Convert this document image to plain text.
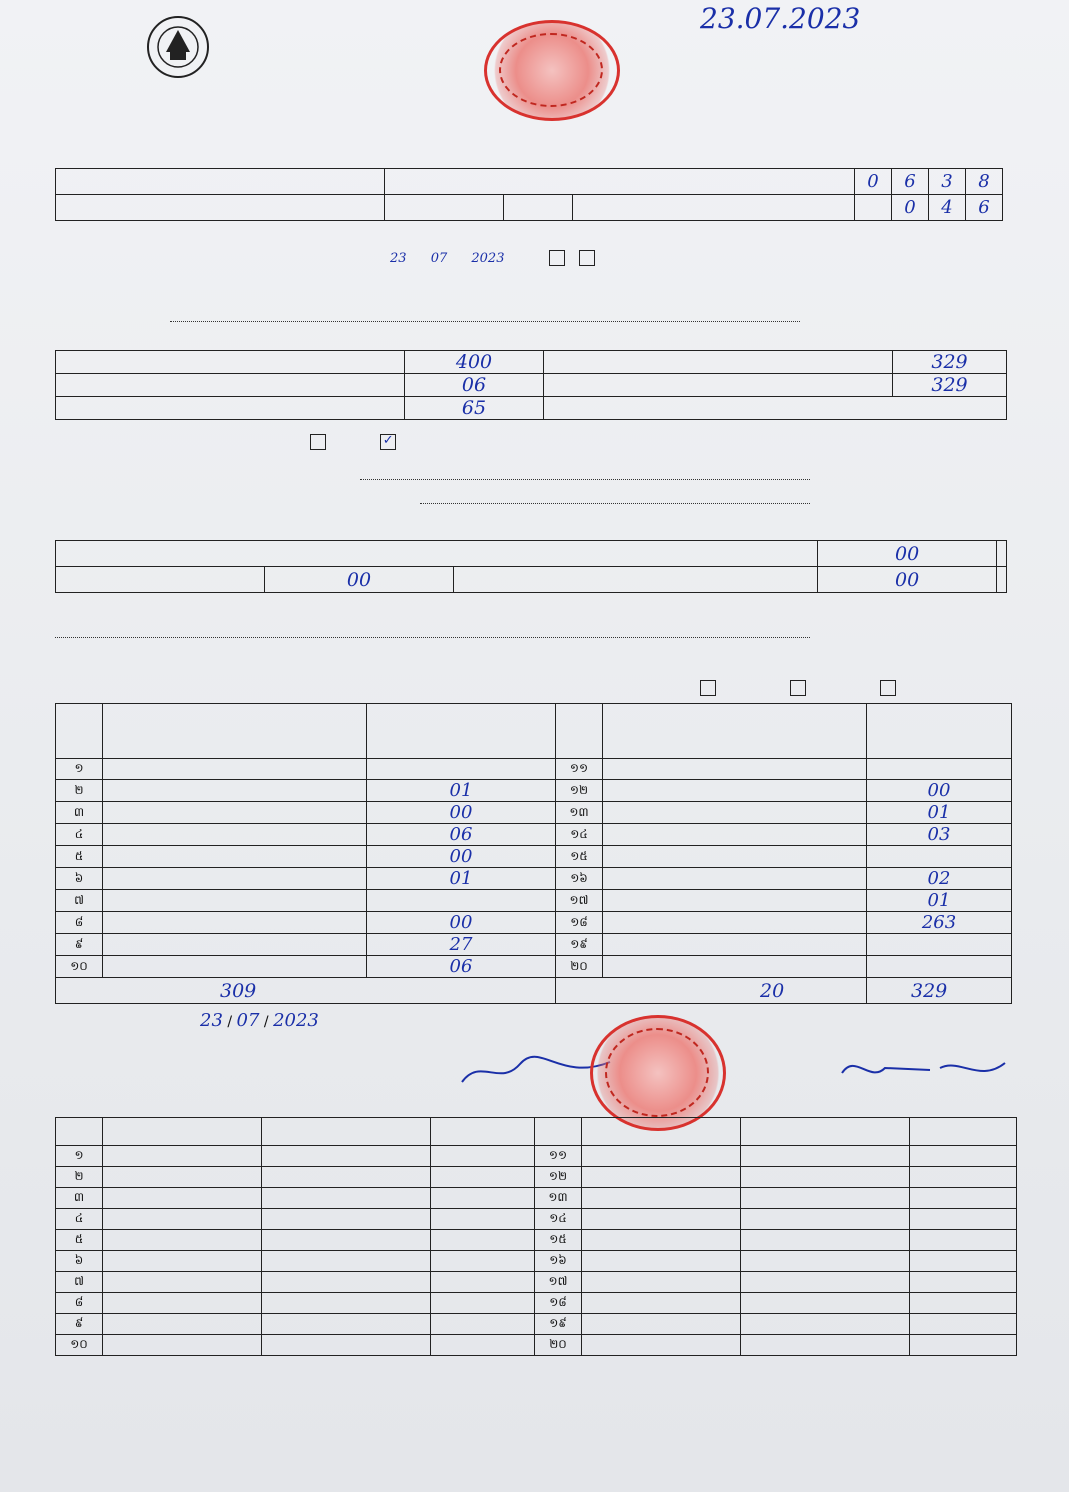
23.07.2023
				0	6	3	8
					0	4	6
23 07 2023
	400		329
	06		329
	65		
✓
			00	
	00		00	

១			១១		
២		01	១២		00
៣		00	១៣		01
៤		06	១៤		03
៥		00	១៥		
៦		01	១៦		02
៧			១៧		01
៨		00	១៨		263
៩		27	១៩		
១០		06	២០		
309			20		329
23 / 07 / 2023

១				១១			
២				១២			
៣				១៣			
៤				១៤			
៥				១៥			
៦				១៦			
៧				១៧			
៨				១៨			
៩				១៩			
១០				២០			
